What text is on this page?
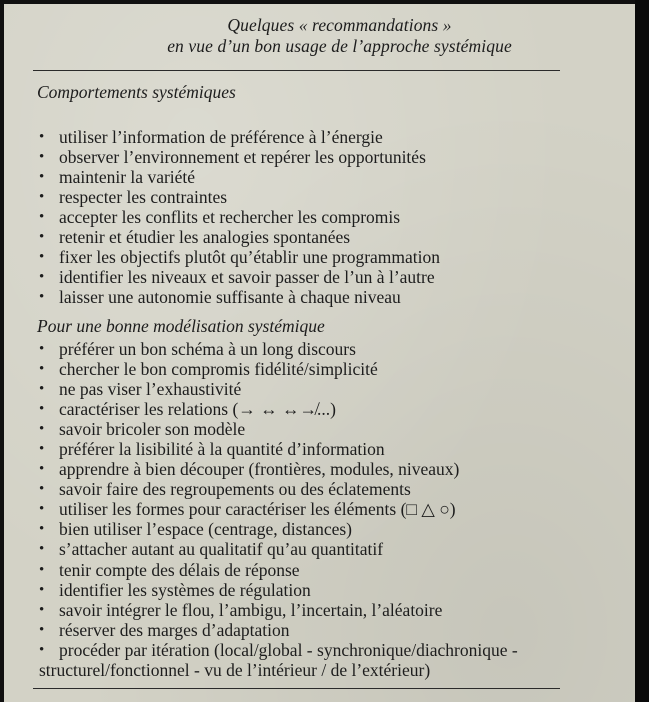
Quelques « recommandations »
en vue d’un bon usage de l’approche systémique
Comportements systémiques
• utiliser l’information de préférence à l’énergie
• observer l’environnement et repérer les opportunités
• maintenir la variété
• respecter les contraintes
• accepter les conflits et rechercher les compromis
• retenir et étudier les analogies spontanées
• fixer les objectifs plutôt qu’établir une programmation
• identifier les niveaux et savoir passer de l’un à l’autre
• laisser une autonomie suffisante à chaque niveau
Pour une bonne modélisation systémique
• préférer un bon schéma à un long discours
• chercher le bon compromis fidélité/simplicité
• ne pas viser l’exhaustivité
• caractériser les relations (→ ↔ ↔↛...)
• savoir bricoler son modèle
• préférer la lisibilité à la quantité d’information
• apprendre à bien découper (frontières, modules, niveaux)
• savoir faire des regroupements ou des éclatements
• utiliser les formes pour caractériser les éléments (□ △ ○)
• bien utiliser l’espace (centrage, distances)
• s’attacher autant au qualitatif qu’au quantitatif
• tenir compte des délais de réponse
• identifier les systèmes de régulation
• savoir intégrer le flou, l’ambigu, l’incertain, l’aléatoire
• réserver des marges d’adaptation
• procéder par itération (local/global - synchronique/diachronique -
structurel/fonctionnel - vu de l’intérieur / de l’extérieur)
